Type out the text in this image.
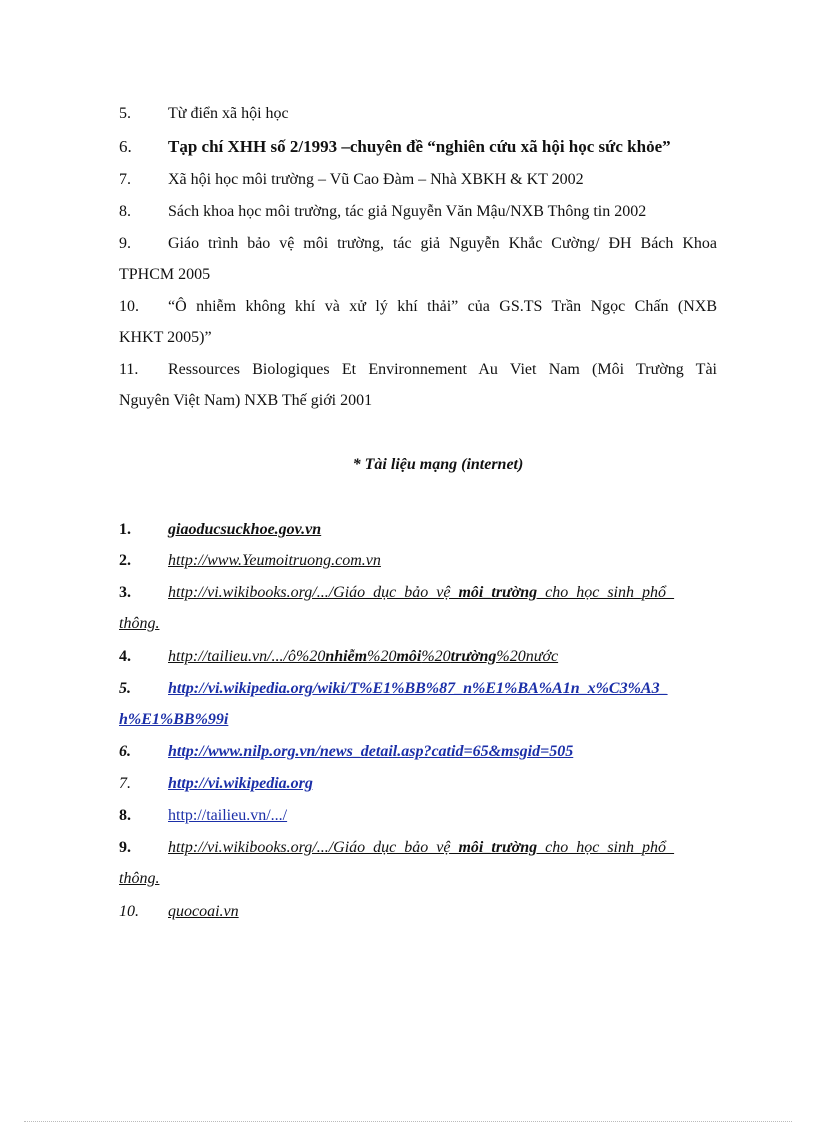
5. Từ điển xã hội học
6. Tạp chí XHH số 2/1993 –chuyên đề “nghiên cứu xã hội học sức khỏe”
7. Xã hội học môi trường – Vũ Cao Đàm – Nhà XBKH & KT 2002
8. Sách khoa học môi trường, tác giả Nguyễn Văn Mậu/NXB Thông tin 2002
9. Giáo trình bảo vệ môi trường, tác giả Nguyễn Khắc Cường/ ĐH Bách Khoa
TPHCM 2005
10. “Ô nhiễm không khí và xử lý khí thải” của GS.TS Trần Ngọc Chấn (NXB
KHKT 2005)”
11. Ressources Biologiques Et Environnement Au Viet Nam (Môi Trường Tài
Nguyên Việt Nam) NXB Thế giới 2001
* Tài liệu mạng (internet)
1. giaoducsuckhoe.gov.vn
2. http://www.Yeumoitruong.com.vn
3. http://vi.wikibooks.org/.../Giáo_dục_bảo_vệ_môi_trường_cho_học_sinh_phổ_
thông.
4. http://tailieu.vn/.../ô%20nhiễm%20môi%20trường%20nước
5. http://vi.wikipedia.org/wiki/T%E1%BB%87_n%E1%BA%A1n_x%C3%A3_
h%E1%BB%99i
6. http://www.nilp.org.vn/news_detail.asp?catid=65&msgid=505
7. http://vi.wikipedia.org
8. http://tailieu.vn/.../
9. http://vi.wikibooks.org/.../Giáo_dục_bảo_vệ_môi_trường_cho_học_sinh_phổ_
thông.
10. quocoai.vn
